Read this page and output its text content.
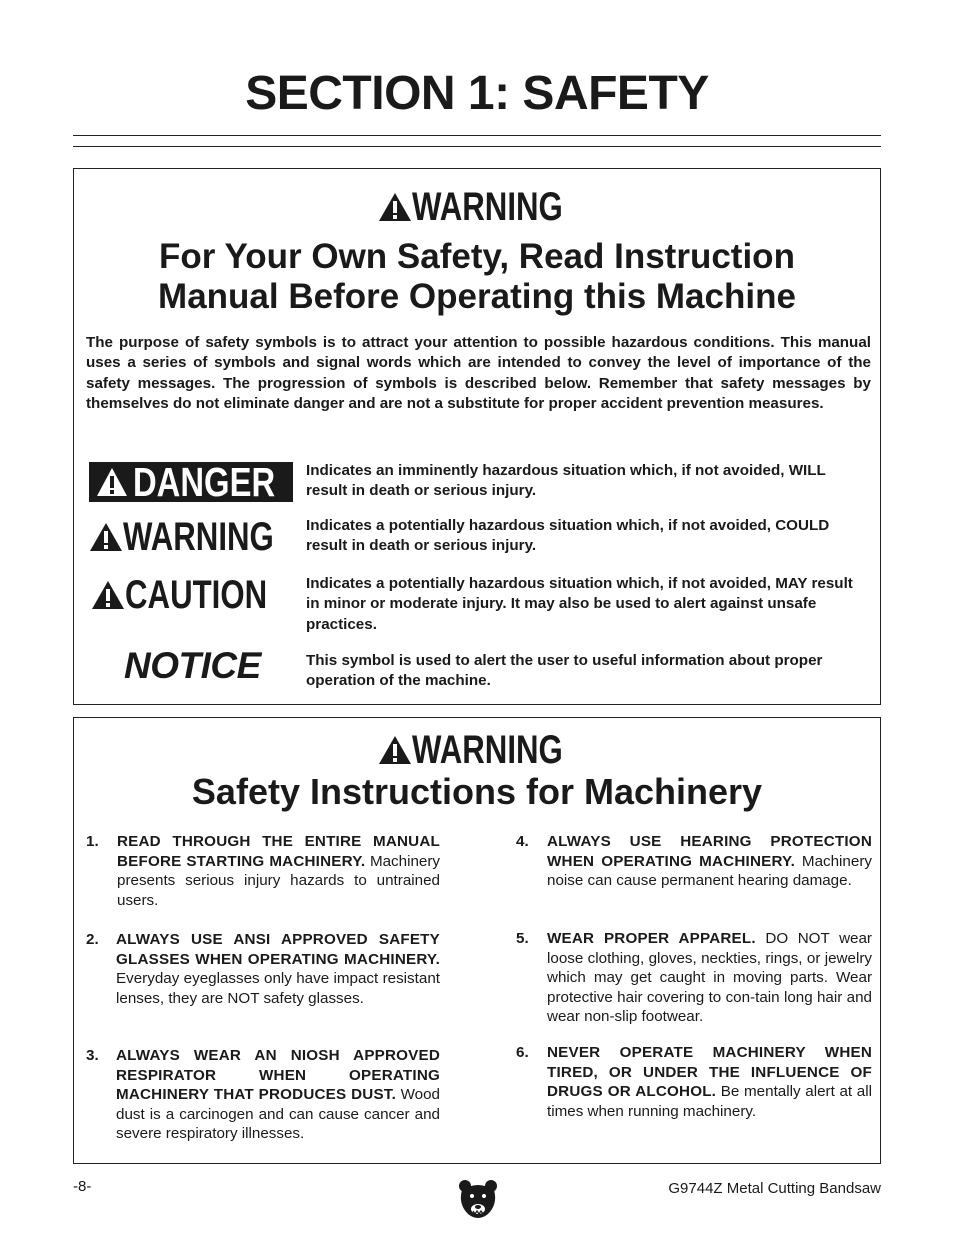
SECTION 1: SAFETY
WARNING

For Your Own Safety, Read Instruction

Manual Before Operating this Machine

The purpose of safety symbols is to attract your attention to possible hazardous conditions. This manual uses a series of symbols and signal words which are intended to convey the level of importance of the safety messages. The progression of symbols is described below. Remember that safety messages by themselves do not eliminate danger and are not a substitute for proper accident prevention measures.

DANGER Indicates an imminently hazardous situation which, if not avoided, WILL result in death or serious injury.

WARNING Indicates a potentially hazardous situation which, if not avoided, COULD result in death or serious injury.

CAUTION	Indicates a potentially hazardous situation which, if not avoided, MAY result in minor or moderate injury. It may also be used to alert against unsafe practices.

NOTICE	This symbol is used to alert the user to useful information about proper operation of the machine.

WARNING

Safety Instructions for Machinery

1. READ THROUGH THE ENTIRE MANUAL BEFORE STARTING MACHINERY. Machinery presents serious injury hazards to untrained users.

2. ALWAYS USE ANSI APPROVED SAFETY GLASSES WHEN OPERATING MACHINERY. Everyday eyeglasses only have impact resistant lenses, they are NOT safety glasses.

3. ALWAYS WEAR AN NIOSH APPROVED RESPIRATOR WHEN OPERATING MACHINERY THAT PRODUCES DUST. Wood dust is a carcinogen and can cause cancer and severe respiratory illnesses.

4. ALWAYS USE HEARING PROTECTION WHEN OPERATING MACHINERY. Machinery noise can cause permanent hearing damage.

5. WEAR PROPER APPAREL. DO NOT wear loose clothing, gloves, neckties, rings, or jewelry which may get caught in moving parts. Wear protective hair covering to con-tain long hair and wear non-slip footwear.

6. NEVER OPERATE MACHINERY WHEN TIRED, OR UNDER THE INFLUENCE OF DRUGS OR ALCOHOL. Be mentally alert at all times when running machinery.

-8-	G9744Z Metal Cutting Bandsaw
